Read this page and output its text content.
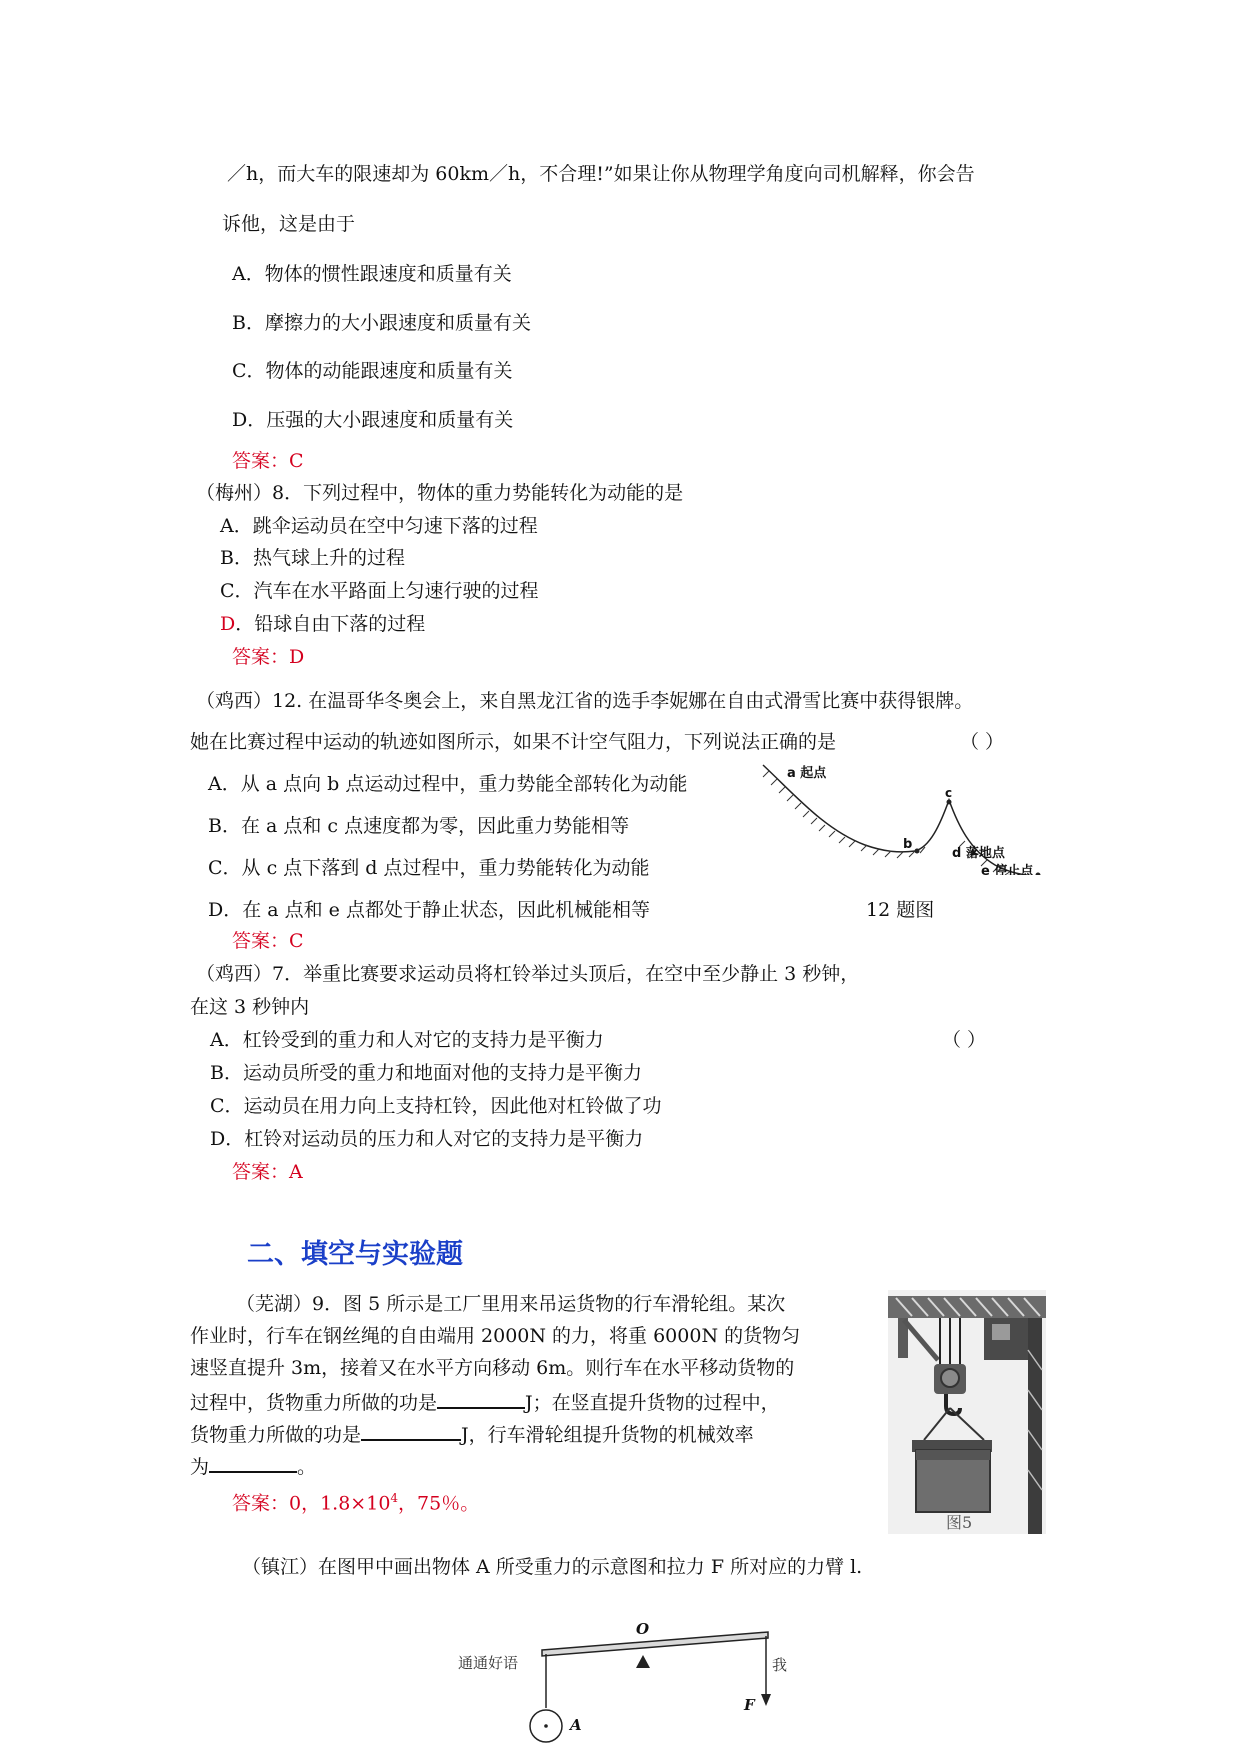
／h，而大车的限速却为 60km／h，不合理!”如果让你从物理学角度向司机解释，你会告
诉他，这是由于
A．物体的惯性跟速度和质量有关
B．摩擦力的大小跟速度和质量有关
C．物体的动能跟速度和质量有关
D．压强的大小跟速度和质量有关
答案：C
（梅州）8．下列过程中，物体的重力势能转化为动能的是
A．跳伞运动员在空中匀速下落的过程
B．热气球上升的过程
C．汽车在水平路面上匀速行驶的过程
D．铅球自由下落的过程
答案：D
（鸡西）12. 在温哥华冬奥会上，来自黑龙江省的选手李妮娜在自由式滑雪比赛中获得银牌。
她在比赛过程中运动的轨迹如图所示，如果不计空气阻力，下列说法正确的是	（ ）
A．从 a 点向 b 点运动过程中，重力势能全部转化为动能
B．在 a 点和 c 点速度都为零，因此重力势能相等
C．从 c 点下落到 d 点过程中，重力势能转化为动能
D．在 a 点和 e 点都处于静止状态，因此机械能相等
答案：C
a 起点
b
c
d 落地点
e 停止点
12 题图
（鸡西）7．举重比赛要求运动员将杠铃举过头顶后，在空中至少静止 3 秒钟，
在这 3 秒钟内
A．杠铃受到的重力和人对它的支持力是平衡力	（ ）
B．运动员所受的重力和地面对他的支持力是平衡力
C．运动员在用力向上支持杠铃，因此他对杠铃做了功
D．杠铃对运动员的压力和人对它的支持力是平衡力
答案：A
二、填空与实验题
（芜湖）9．图 5 所示是工厂里用来吊运货物的行车滑轮组。某次
作业时，行车在钢丝绳的自由端用 2000N 的力，将重 6000N 的货物匀
速竖直提升 3m，接着又在水平方向移动 6m。则行车在水平移动货物的
过程中，货物重力所做的功是	J；在竖直提升货物的过程中，
货物重力所做的功是	J，行车滑轮组提升货物的机械效率
为	。
答案：0，$1.8\times 10^4$，75％。
图5
（镇江）在图甲中画出物体 A 所受重力的示意图和拉力 F 所对应的力臂 l.
O
A
F
通通好语	我
